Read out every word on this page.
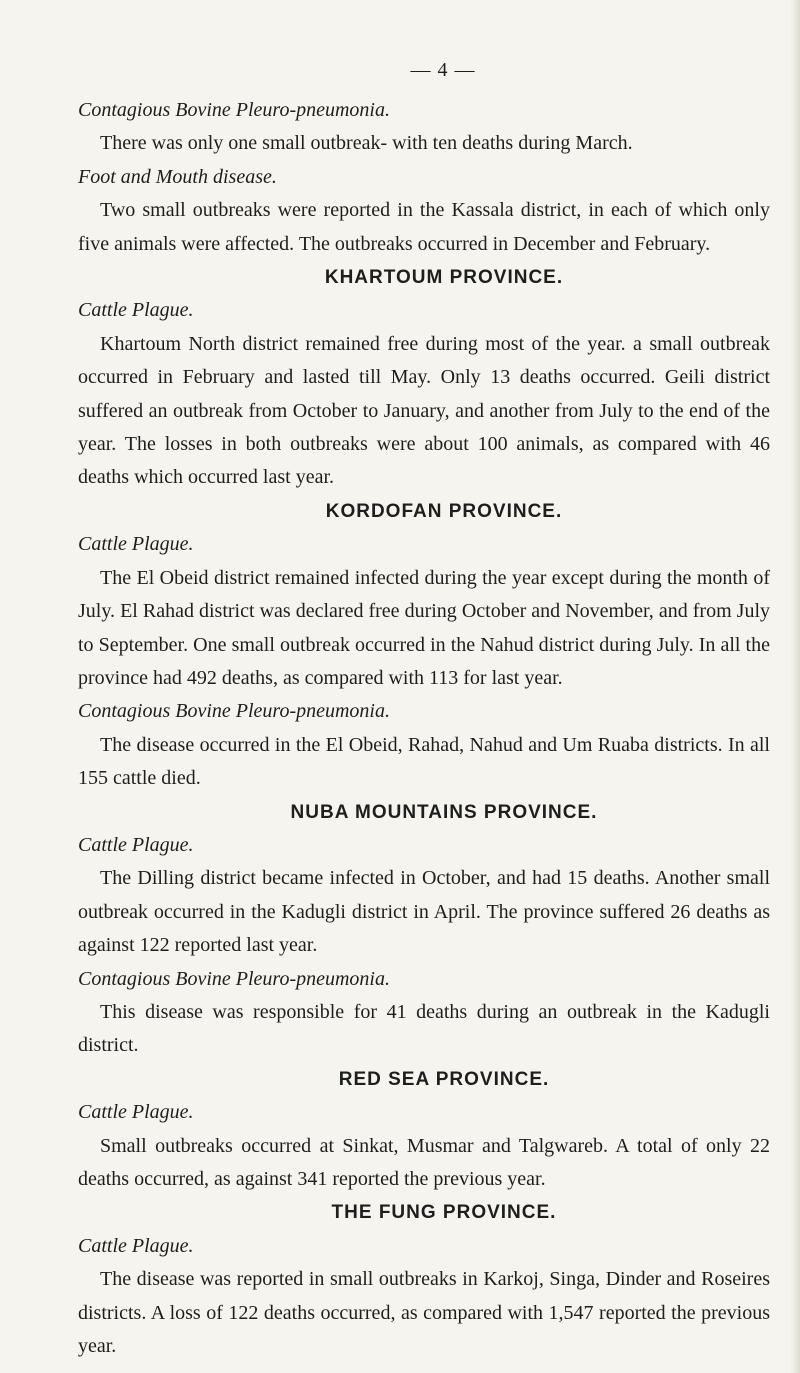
— 4 —

Contagious Bovine Pleuro-pneumonia.

There was only one small outbreak- with ten deaths during March.

Foot and Mouth disease.

Two small outbreaks were reported in the Kassala district, in each of which only five animals were affected. The outbreaks occurred in December and February.

KHARTOUM PROVINCE.

Cattle Plague.

Khartoum North district remained free during most of the year. a small outbreak occurred in February and lasted till May. Only 13 deaths occurred. Geili district suffered an outbreak from October to January, and another from July to the end of the year. The losses in both outbreaks were about 100 animals, as compared with 46 deaths which occurred last year.

KORDOFAN PROVINCE.

Cattle Plague.

The El Obeid district remained infected during the year except during the month of July. El Rahad district was declared free during October and November, and from July to September. One small outbreak occurred in the Nahud district during July. In all the province had 492 deaths, as compared with 113 for last year.

Contagious Bovine Pleuro-pneumonia.

The disease occurred in the El Obeid, Rahad, Nahud and Um Ruaba districts. In all 155 cattle died.

NUBA MOUNTAINS PROVINCE.

Cattle Plague.

The Dilling district became infected in October, and had 15 deaths. Another small outbreak occurred in the Kadugli district in April. The province suffered 26 deaths as against 122 reported last year.

Contagious Bovine Pleuro-pneumonia.

This disease was responsible for 41 deaths during an outbreak in the Kadugli district.

RED SEA PROVINCE.

Cattle Plague.

Small outbreaks occurred at Sinkat, Musmar and Talgwareb. A total of only 22 deaths occurred, as against 341 reported the previous year.

THE FUNG PROVINCE.

Cattle Plague.

The disease was reported in small outbreaks in Karkoj, Singa, Dinder and Roseires districts. A loss of 122 deaths occurred, as compared with 1,547 reported the previous year.
